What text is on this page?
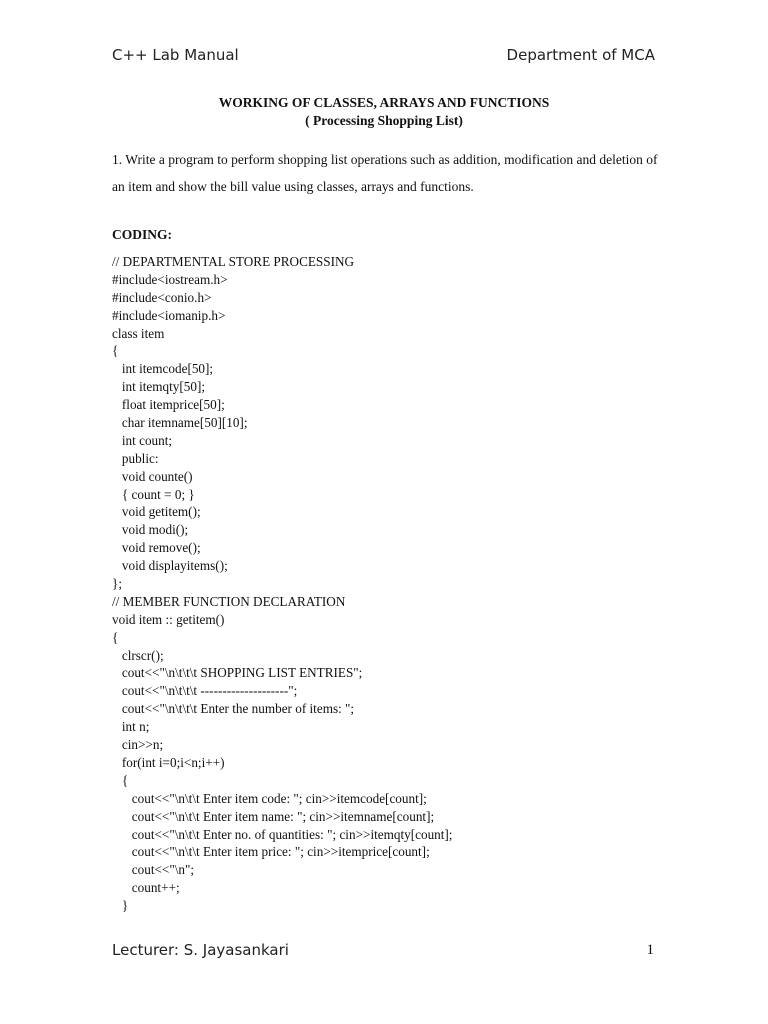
C++ Lab Manual	Department of MCA
WORKING OF CLASSES, ARRAYS AND FUNCTIONS
( Processing Shopping List)
1. Write a program to perform shopping list operations such as addition, modification and deletion of an item and show the bill value using classes, arrays and functions.
CODING:
// DEPARTMENTAL STORE PROCESSING
#include<iostream.h>
#include<conio.h>
#include<iomanip.h>
class item
{
int itemcode[50];
int itemqty[50];
float itemprice[50];
char itemname[50][10];
int count;
public:
void counte()
{ count = 0; }
void getitem();
void modi();
void remove();
void displayitems();
};
// MEMBER FUNCTION DECLARATION
void item :: getitem()
{
clrscr();
cout<<"\n\t\t\t SHOPPING LIST ENTRIES";
cout<<"\n\t\t\t --------------------";
cout<<"\n\t\t\t Enter the number of items: ";
int n;
cin>>n;
for(int i=0;i<n;i++)
{
cout<<"\n\t\t Enter item code: "; cin>>itemcode[count];
cout<<"\n\t\t Enter item name: "; cin>>itemname[count];
cout<<"\n\t\t Enter no. of quantities: "; cin>>itemqty[count];
cout<<"\n\t\t Enter item price: "; cin>>itemprice[count];
cout<<"\n";
count++;
}
Lecturer: S. Jayasankari	1
